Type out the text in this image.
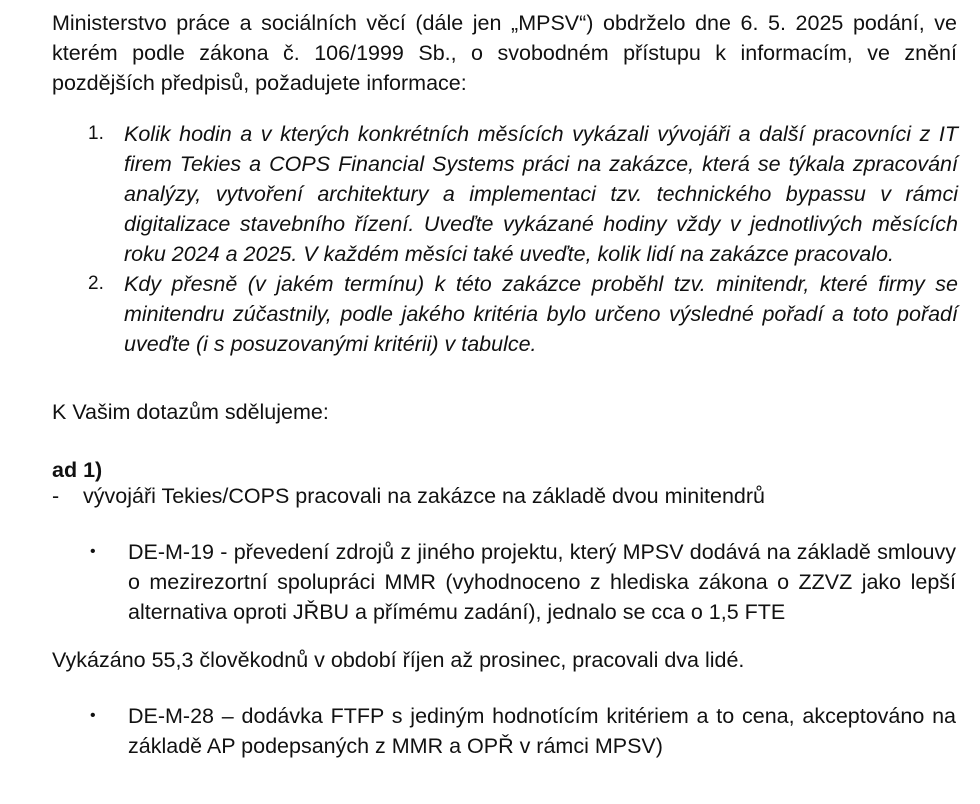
Ministerstvo práce a sociálních věcí (dále jen „MPSV“) obdrželo dne 6. 5. 2025 podání, ve kterém podle zákona č. 106/1999 Sb., o svobodném přístupu k informacím, ve znění pozdějších předpisů, požadujete informace:
1. Kolik hodin a v kterých konkrétních měsících vykázali vývojáři a další pracovníci z IT firem Tekies a COPS Financial Systems práci na zakázce, která se týkala zpracování analýzy, vytvoření architektury a implementaci tzv. technického bypassu v rámci digitalizace stavebního řízení. Uveďte vykázané hodiny vždy v jednotlivých měsících roku 2024 a 2025. V každém měsíci také uveďte, kolik lidí na zakázce pracovalo.
2. Kdy přesně (v jakém termínu) k této zakázce proběhl tzv. minitendr, které firmy se minitendru zúčastnily, podle jakého kritéria bylo určeno výsledné pořadí a toto pořadí uveďte (i s posuzovanými kritérii) v tabulce.
K Vašim dotazům sdělujeme:
ad 1)
-	vývojáři Tekies/COPS pracovali na zakázce na základě dvou minitendrů
•	DE-M-19 - převedení zdrojů z jiného projektu, který MPSV dodává na základě smlouvy o mezirezortní spolupráci MMR (vyhodnoceno z hlediska zákona o ZZVZ jako lepší alternativa oproti JŘBU a přímému zadání), jednalo se cca o 1,5 FTE
Vykázáno 55,3 člověkodnů v období říjen až prosinec, pracovali dva lidé.
•	DE-M-28 – dodávka FTFP s jediným hodnotícím kritériem a to cena, akceptováno na základě AP podepsaných z MMR a OPŘ v rámci MPSV)
